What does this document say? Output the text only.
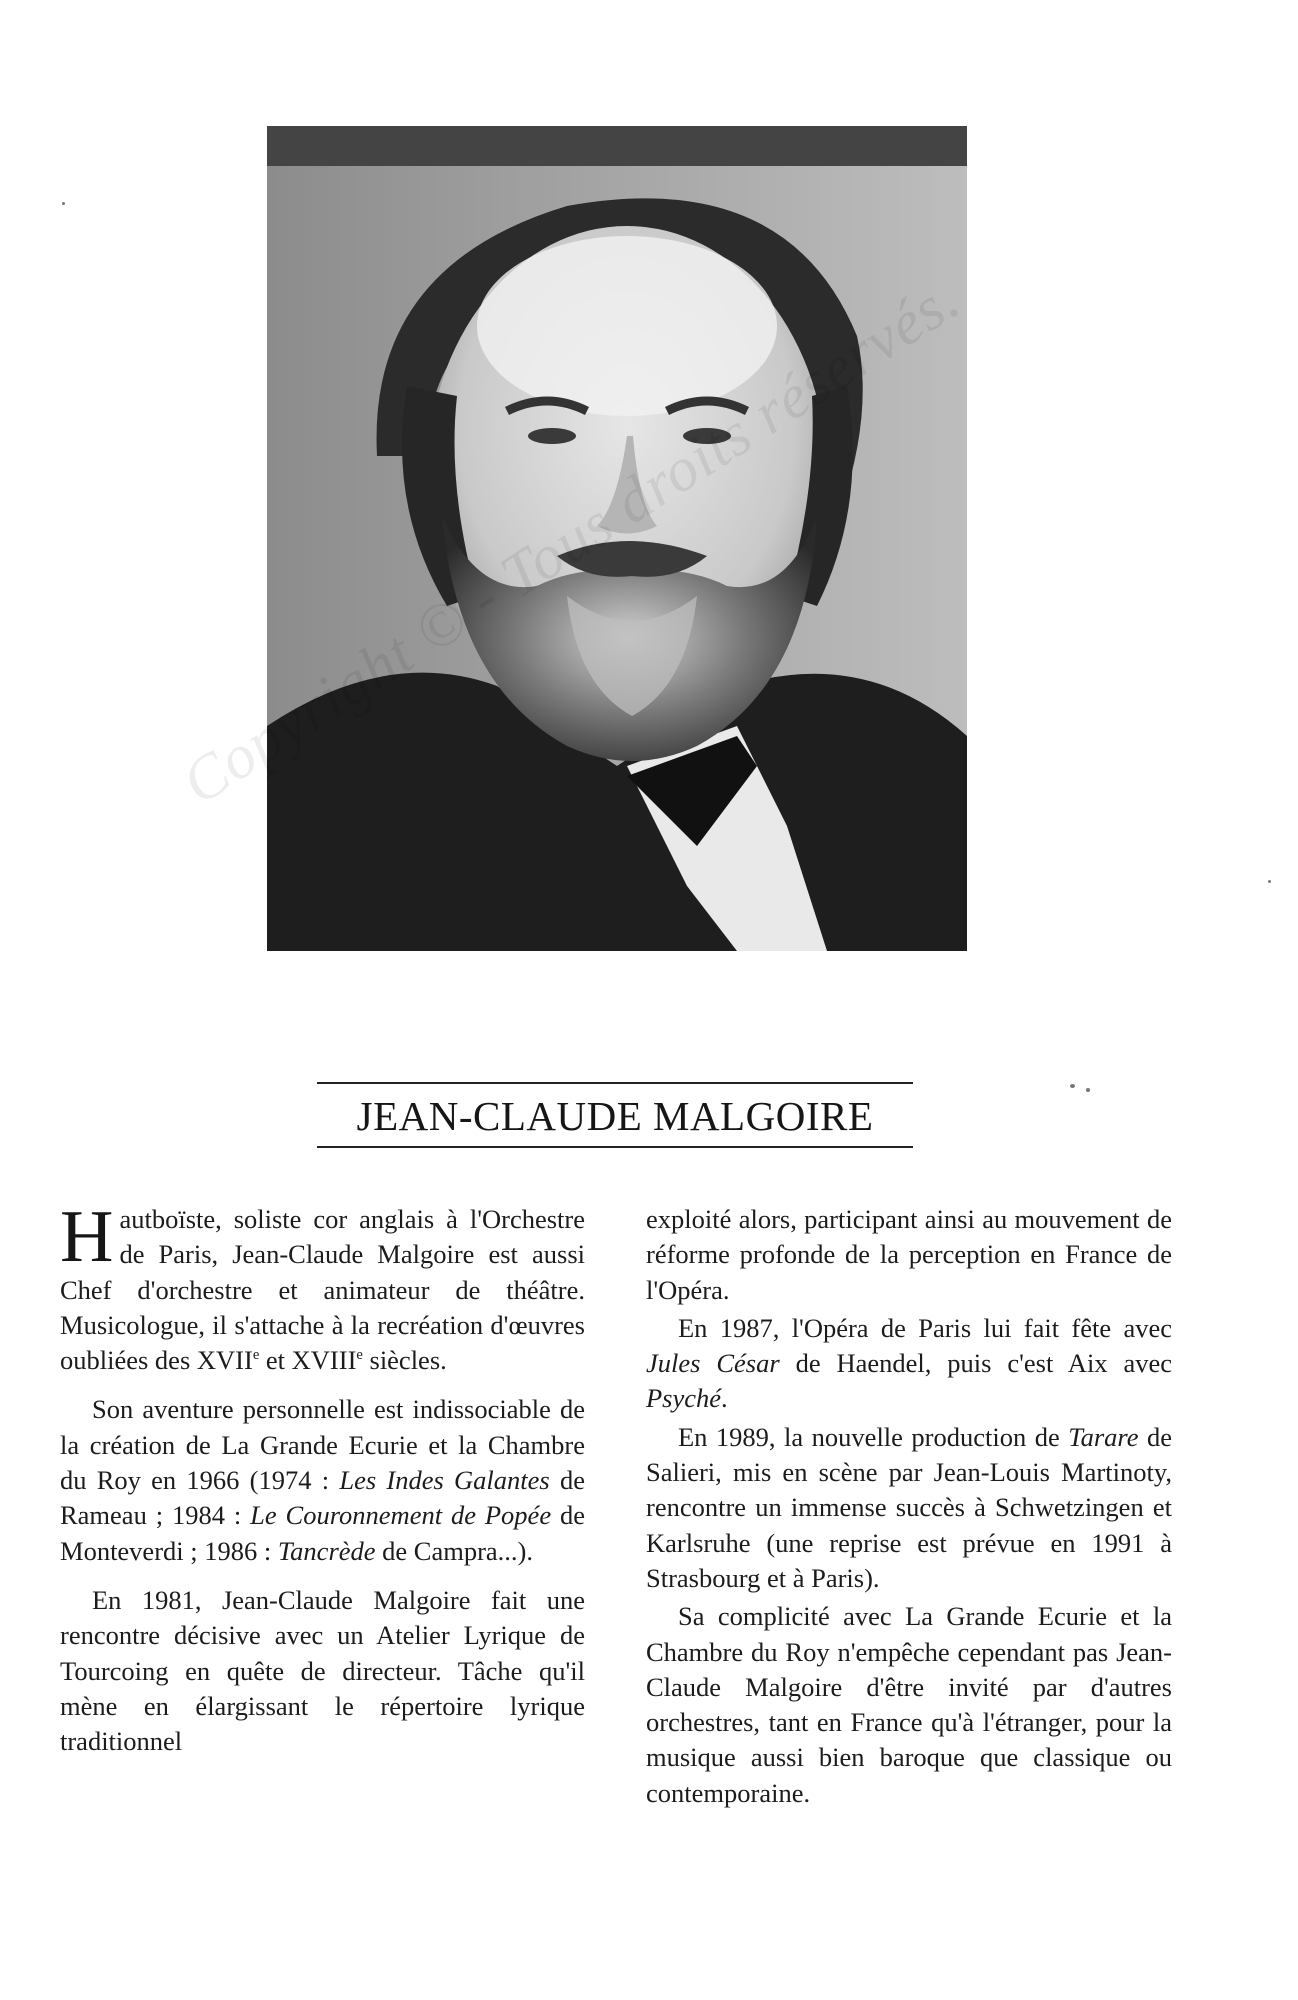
JEAN-CLAUDE MALGOIRE

Hautboïste, soliste cor anglais à l'Orchestre de Paris, Jean-Claude Malgoire est aussi Chef d'orchestre et animateur de théâtre. Musicologue, il s'attache à la recréation d'œuvres oubliées des XVIIe et XVIIIe siècles.

Son aventure personnelle est indissociable de la création de La Grande Ecurie et la Chambre du Roy en 1966 (1974 : Les Indes Galantes de Rameau ; 1984 : Le Couronnement de Popée de Monteverdi ; 1986 : Tancrède de Campra...).

En 1981, Jean-Claude Malgoire fait une rencontre décisive avec un Atelier Lyrique de Tourcoing en quête de directeur. Tâche qu'il mène en élargissant le répertoire lyrique traditionnel

exploité alors, participant ainsi au mouvement de réforme profonde de la perception en France de l'Opéra.

En 1987, l'Opéra de Paris lui fait fête avec Jules César de Haendel, puis c'est Aix avec Psyché.

En 1989, la nouvelle production de Tarare de Salieri, mis en scène par Jean-Louis Martinoty, rencontre un immense succès à Schwetzingen et Karlsruhe (une reprise est prévue en 1991 à Strasbourg et à Paris).

Sa complicité avec La Grande Ecurie et la Chambre du Roy n'empêche cependant pas Jean-Claude Malgoire d'être invité par d'autres orchestres, tant en France qu'à l'étranger, pour la musique aussi bien baroque que classique ou contemporaine.
